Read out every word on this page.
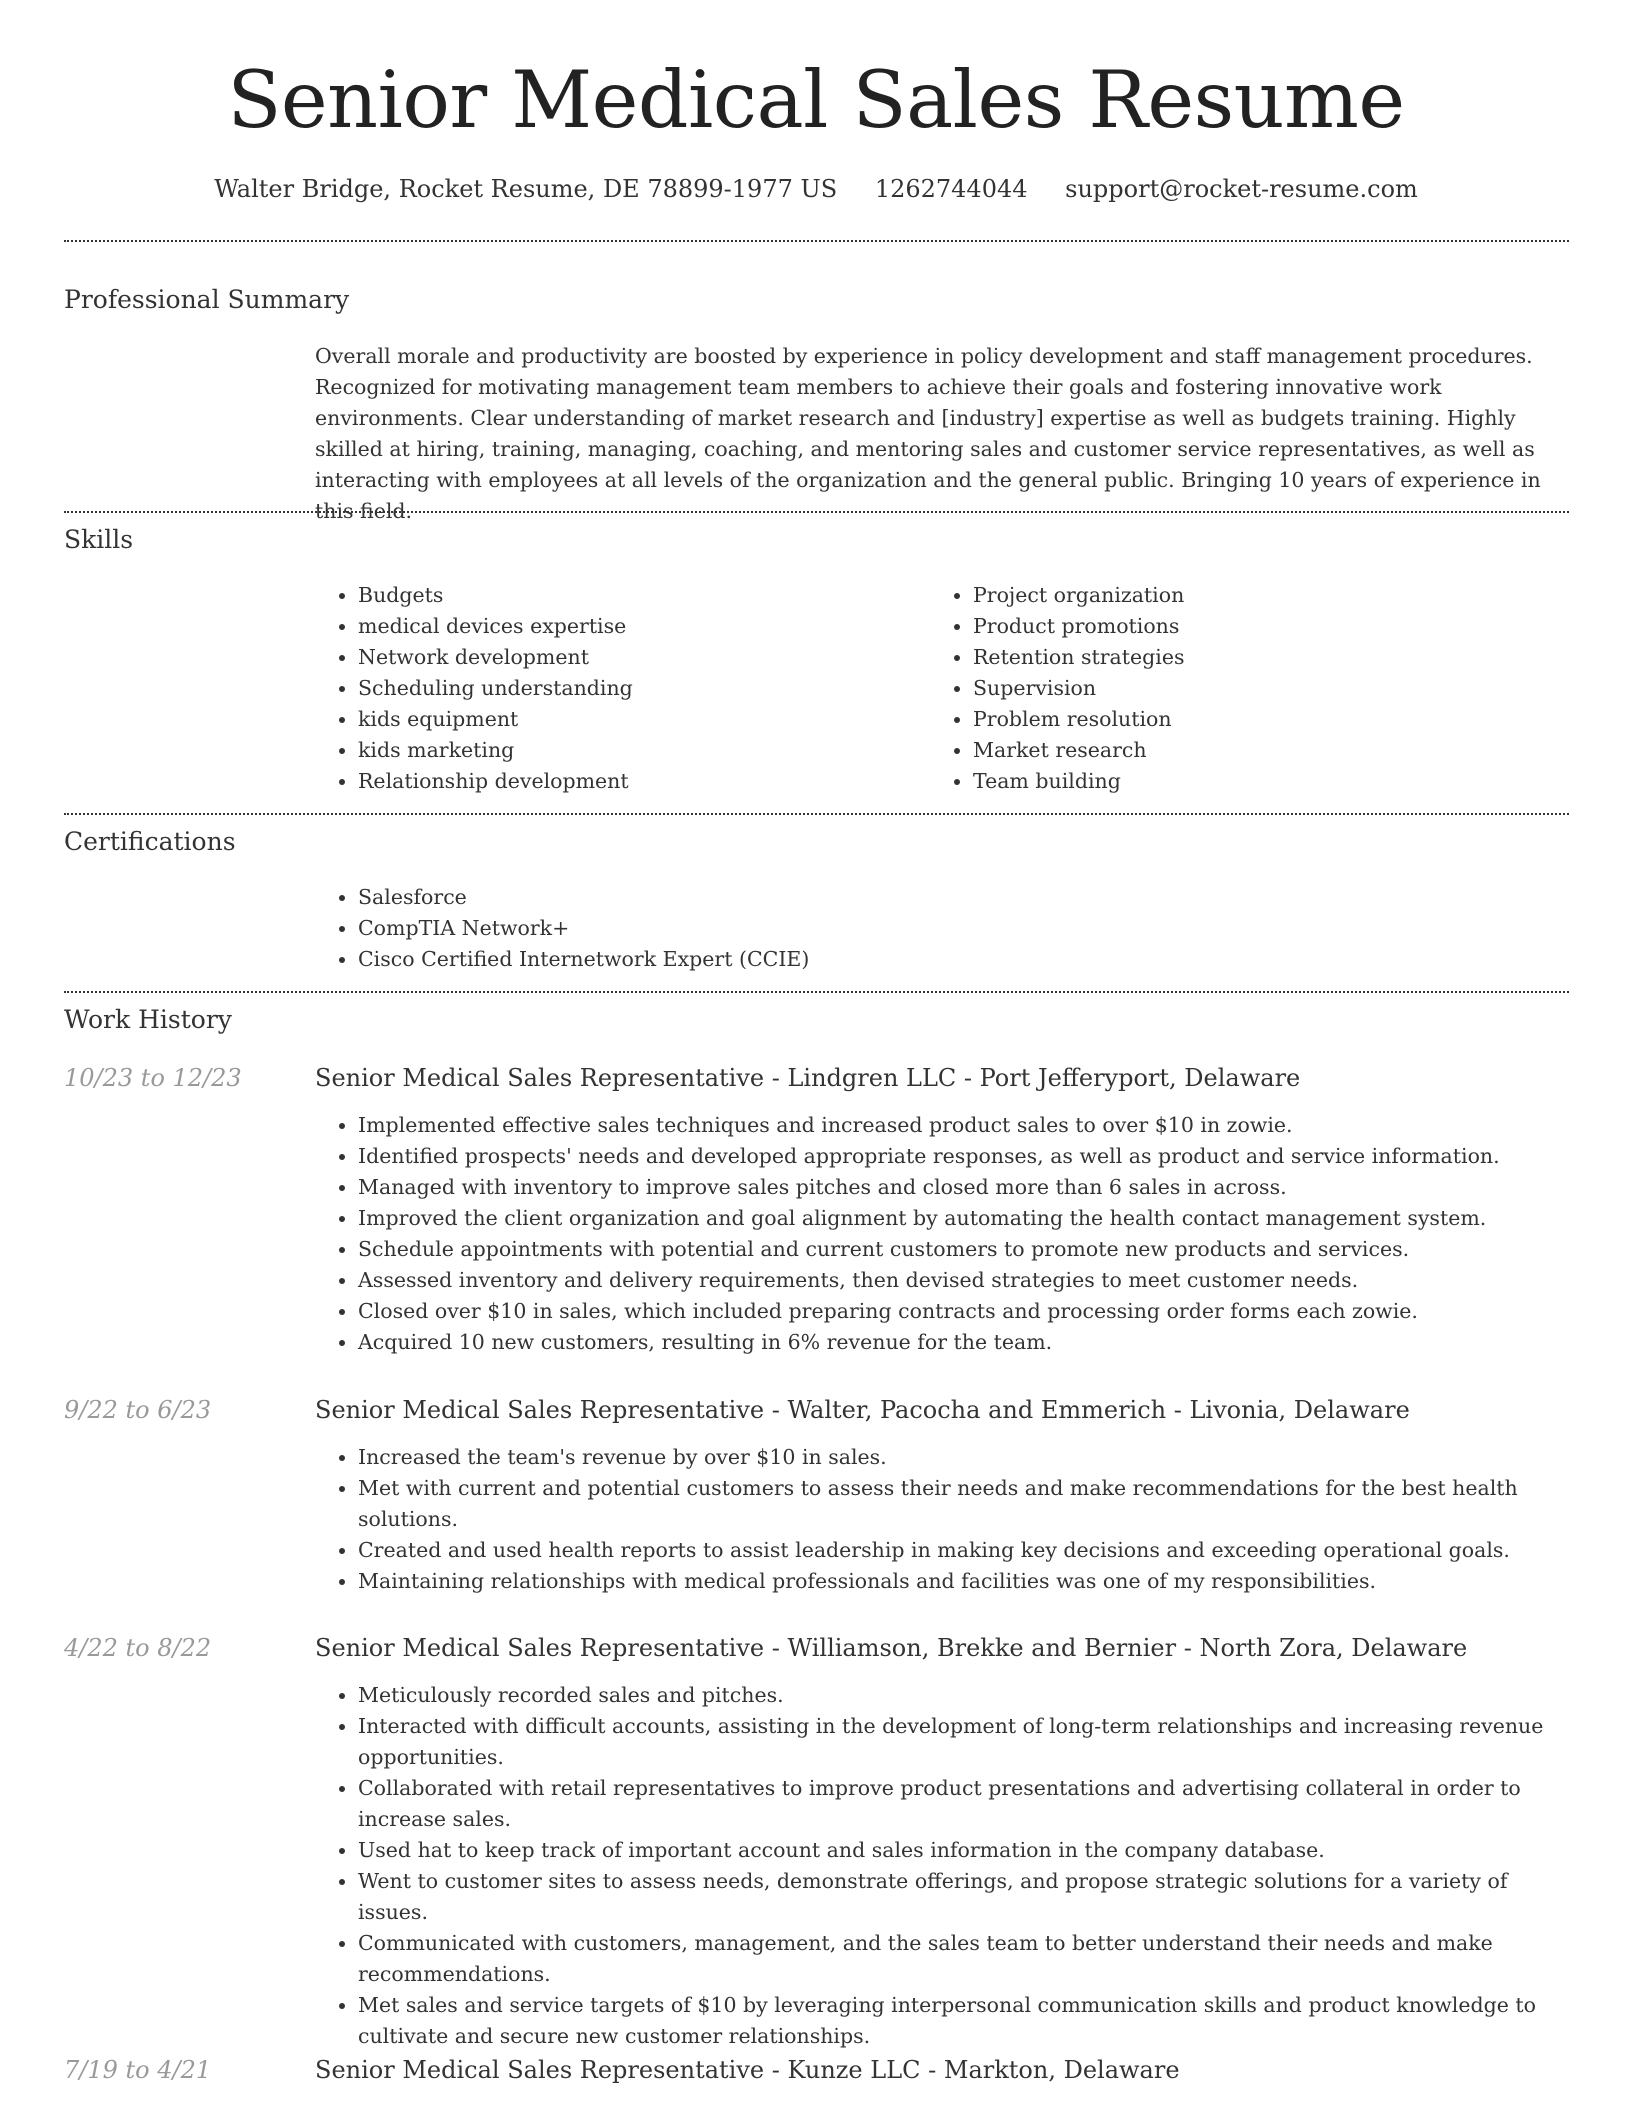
Senior Medical Sales Resume
Walter Bridge, Rocket Resume, DE 78899-1977 US 1262744044 support@rocket-resume.com
Professional Summary

Overall morale and productivity are boosted by experience in policy development and staff management procedures. Recognized for motivating management team members to achieve their goals and fostering innovative work environments. Clear understanding of market research and [industry] expertise as well as budgets training. Highly skilled at hiring, training, managing, coaching, and mentoring sales and customer service representatives, as well as interacting with employees at all levels of the organization and the general public. Bringing 10 years of experience in this field.

Skills
• Budgets
• medical devices expertise
• Network development
• Scheduling understanding
• kids equipment
• kids marketing
• Relationship development
• Project organization
• Product promotions
• Retention strategies
• Supervision
• Problem resolution
• Market research
• Team building
Certifications
• Salesforce
• CompTIA Network+
• Cisco Certified Internetwork Expert (CCIE)
Work History
10/23 to 12/23	Senior Medical Sales Representative - Lindgren LLC - Port Jefferyport, Delaware
• Implemented effective sales techniques and increased product sales to over $10 in zowie.
• Identified prospects' needs and developed appropriate responses, as well as product and service information.
• Managed with inventory to improve sales pitches and closed more than 6 sales in across.
• Improved the client organization and goal alignment by automating the health contact management system.
• Schedule appointments with potential and current customers to promote new products and services.
• Assessed inventory and delivery requirements, then devised strategies to meet customer needs.
• Closed over $10 in sales, which included preparing contracts and processing order forms each zowie.
• Acquired 10 new customers, resulting in 6% revenue for the team.
9/22 to 6/23	Senior Medical Sales Representative - Walter, Pacocha and Emmerich - Livonia, Delaware
• Increased the team's revenue by over $10 in sales.
• Met with current and potential customers to assess their needs and make recommendations for the best health solutions.
• Created and used health reports to assist leadership in making key decisions and exceeding operational goals.
• Maintaining relationships with medical professionals and facilities was one of my responsibilities.
4/22 to 8/22	Senior Medical Sales Representative - Williamson, Brekke and Bernier - North Zora, Delaware
• Meticulously recorded sales and pitches.
• Interacted with difficult accounts, assisting in the development of long-term relationships and increasing revenue opportunities.
• Collaborated with retail representatives to improve product presentations and advertising collateral in order to increase sales.
• Used hat to keep track of important account and sales information in the company database.
• Went to customer sites to assess needs, demonstrate offerings, and propose strategic solutions for a variety of issues.
• Communicated with customers, management, and the sales team to better understand their needs and make recommendations.
• Met sales and service targets of $10 by leveraging interpersonal communication skills and product knowledge to cultivate and secure new customer relationships.
7/19 to 4/21	Senior Medical Sales Representative - Kunze LLC - Markton, Delaware
